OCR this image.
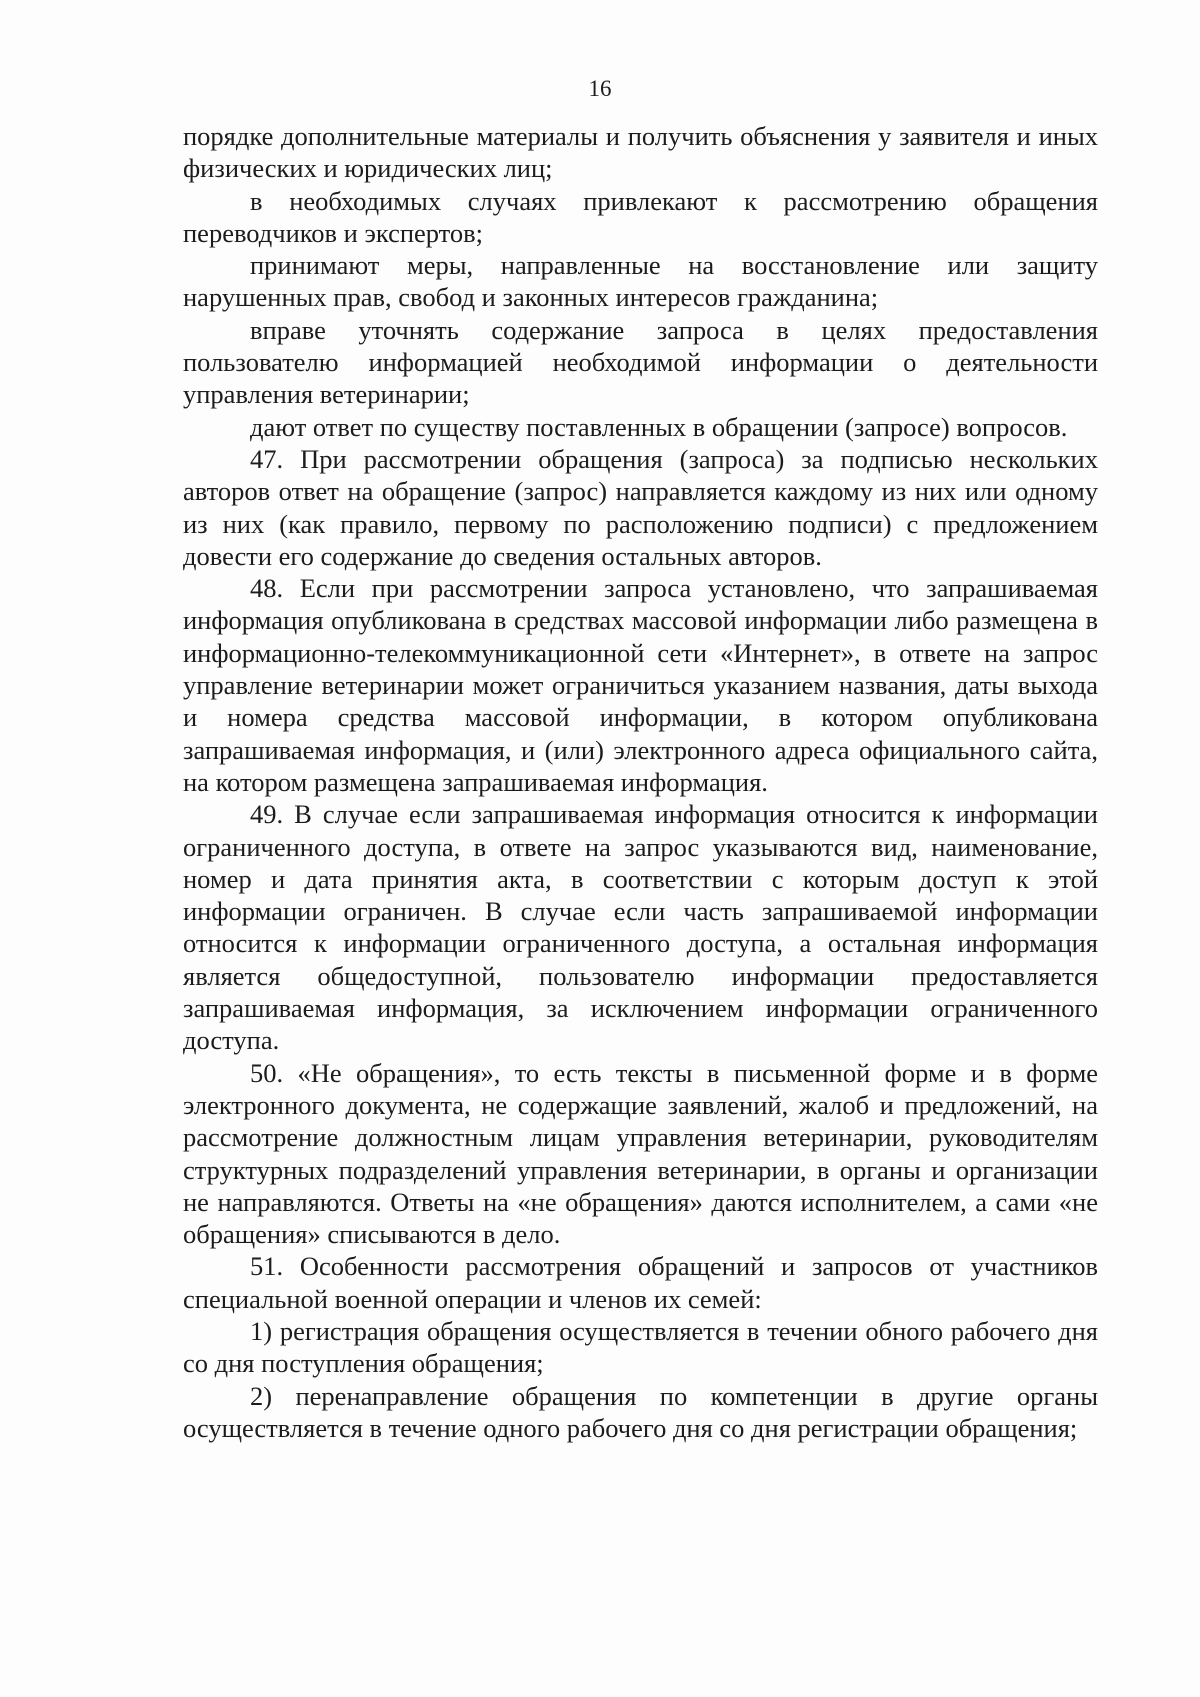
16

порядке дополнительные материалы и получить объяснения у заявителя и иных физических и юридических лиц;

в необходимых случаях привлекают к рассмотрению обращения переводчиков и экспертов;

принимают меры, направленные на восстановление или защиту нарушенных прав, свобод и законных интересов гражданина;

вправе уточнять содержание запроса в целях предоставления пользователю информацией необходимой информации о деятельности управления ветеринарии;

дают ответ по существу поставленных в обращении (запросе) вопросов.

47. При рассмотрении обращения (запроса) за подписью нескольких авторов ответ на обращение (запрос) направляется каждому из них или одному из них (как правило, первому по расположению подписи) с предложением довести его содержание до сведения остальных авторов.

48. Если при рассмотрении запроса установлено, что запрашиваемая информация опубликована в средствах массовой информации либо размещена в информационно-телекоммуникационной сети «Интернет», в ответе на запрос управление ветеринарии может ограничиться указанием названия, даты выхода и номера средства массовой информации, в котором опубликована запрашиваемая информация, и (или) электронного адреса официального сайта, на котором размещена запрашиваемая информация.

49. В случае если запрашиваемая информация относится к информации ограниченного доступа, в ответе на запрос указываются вид, наименование, номер и дата принятия акта, в соответствии с которым доступ к этой информации ограничен. В случае если часть запрашиваемой информации относится к информации ограниченного доступа, а остальная информация является общедоступной, пользователю информации предоставляется запрашиваемая информация, за исключением информации ограниченного доступа.

50. «Не обращения», то есть тексты в письменной форме и в форме электронного документа, не содержащие заявлений, жалоб и предложений, на рассмотрение должностным лицам управления ветеринарии, руководителям структурных подразделений управления ветеринарии, в органы и организации не направляются. Ответы на «не обращения» даются исполнителем, а сами «не обращения» списываются в дело.

51. Особенности рассмотрения обращений и запросов от участников специальной военной операции и членов их семей:

1) регистрация обращения осуществляется в течении обного рабочего дня со дня поступления обращения;

2) перенаправление обращения по компетенции в другие органы осуществляется в течение одного рабочего дня со дня регистрации обращения;
